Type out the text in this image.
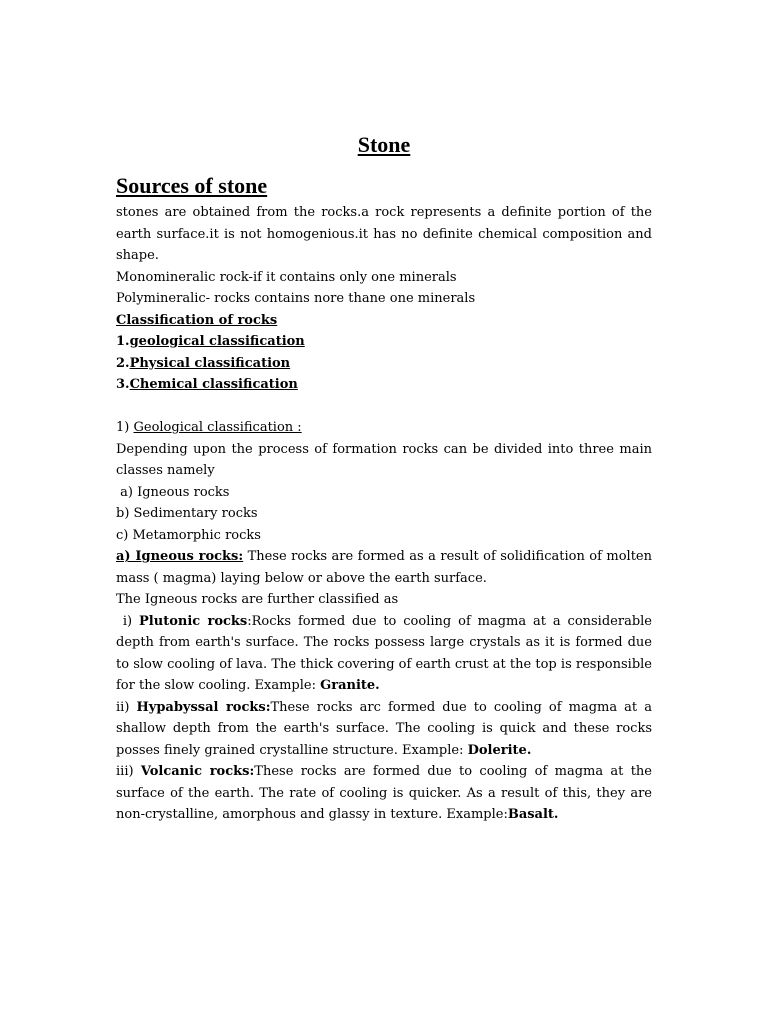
Stone
Sources of stone

stones are obtained from the rocks.a rock represents a definite portion of the earth surface.it is not homogenious.it has no definite chemical composition and shape.

Monomineralic rock-if it contains only one minerals

Polymineralic- rocks contains nore thane one minerals

Classification of rocks

1.geological classification

2.Physical classification

3.Chemical classification

1) Geological classification :

Depending upon the process of formation rocks can be divided into three main classes namely

a) Igneous rocks

b) Sedimentary rocks

c) Metamorphic rocks

a) Igneous rocks: These rocks are formed as a result of solidification of molten mass ( magma) laying below or above the earth surface.

The Igneous rocks are further classified as

i) Plutonic rocks:Rocks formed due to cooling of magma at a considerable depth from earth's surface. The rocks possess large crystals as it is formed due to slow cooling of lava. The thick covering of earth crust at the top is responsible for the slow cooling. Example: Granite.

ii) Hypabyssal rocks:These rocks arc formed due to cooling of magma at a shallow depth from the earth's surface. The cooling is quick and these rocks posses finely grained crystalline structure. Example: Dolerite.

iii) Volcanic rocks:These rocks are formed due to cooling of magma at the surface of the earth. The rate of cooling is quicker. As a result of this, they are non-crystalline, amorphous and glassy in texture. Example:Basalt.
